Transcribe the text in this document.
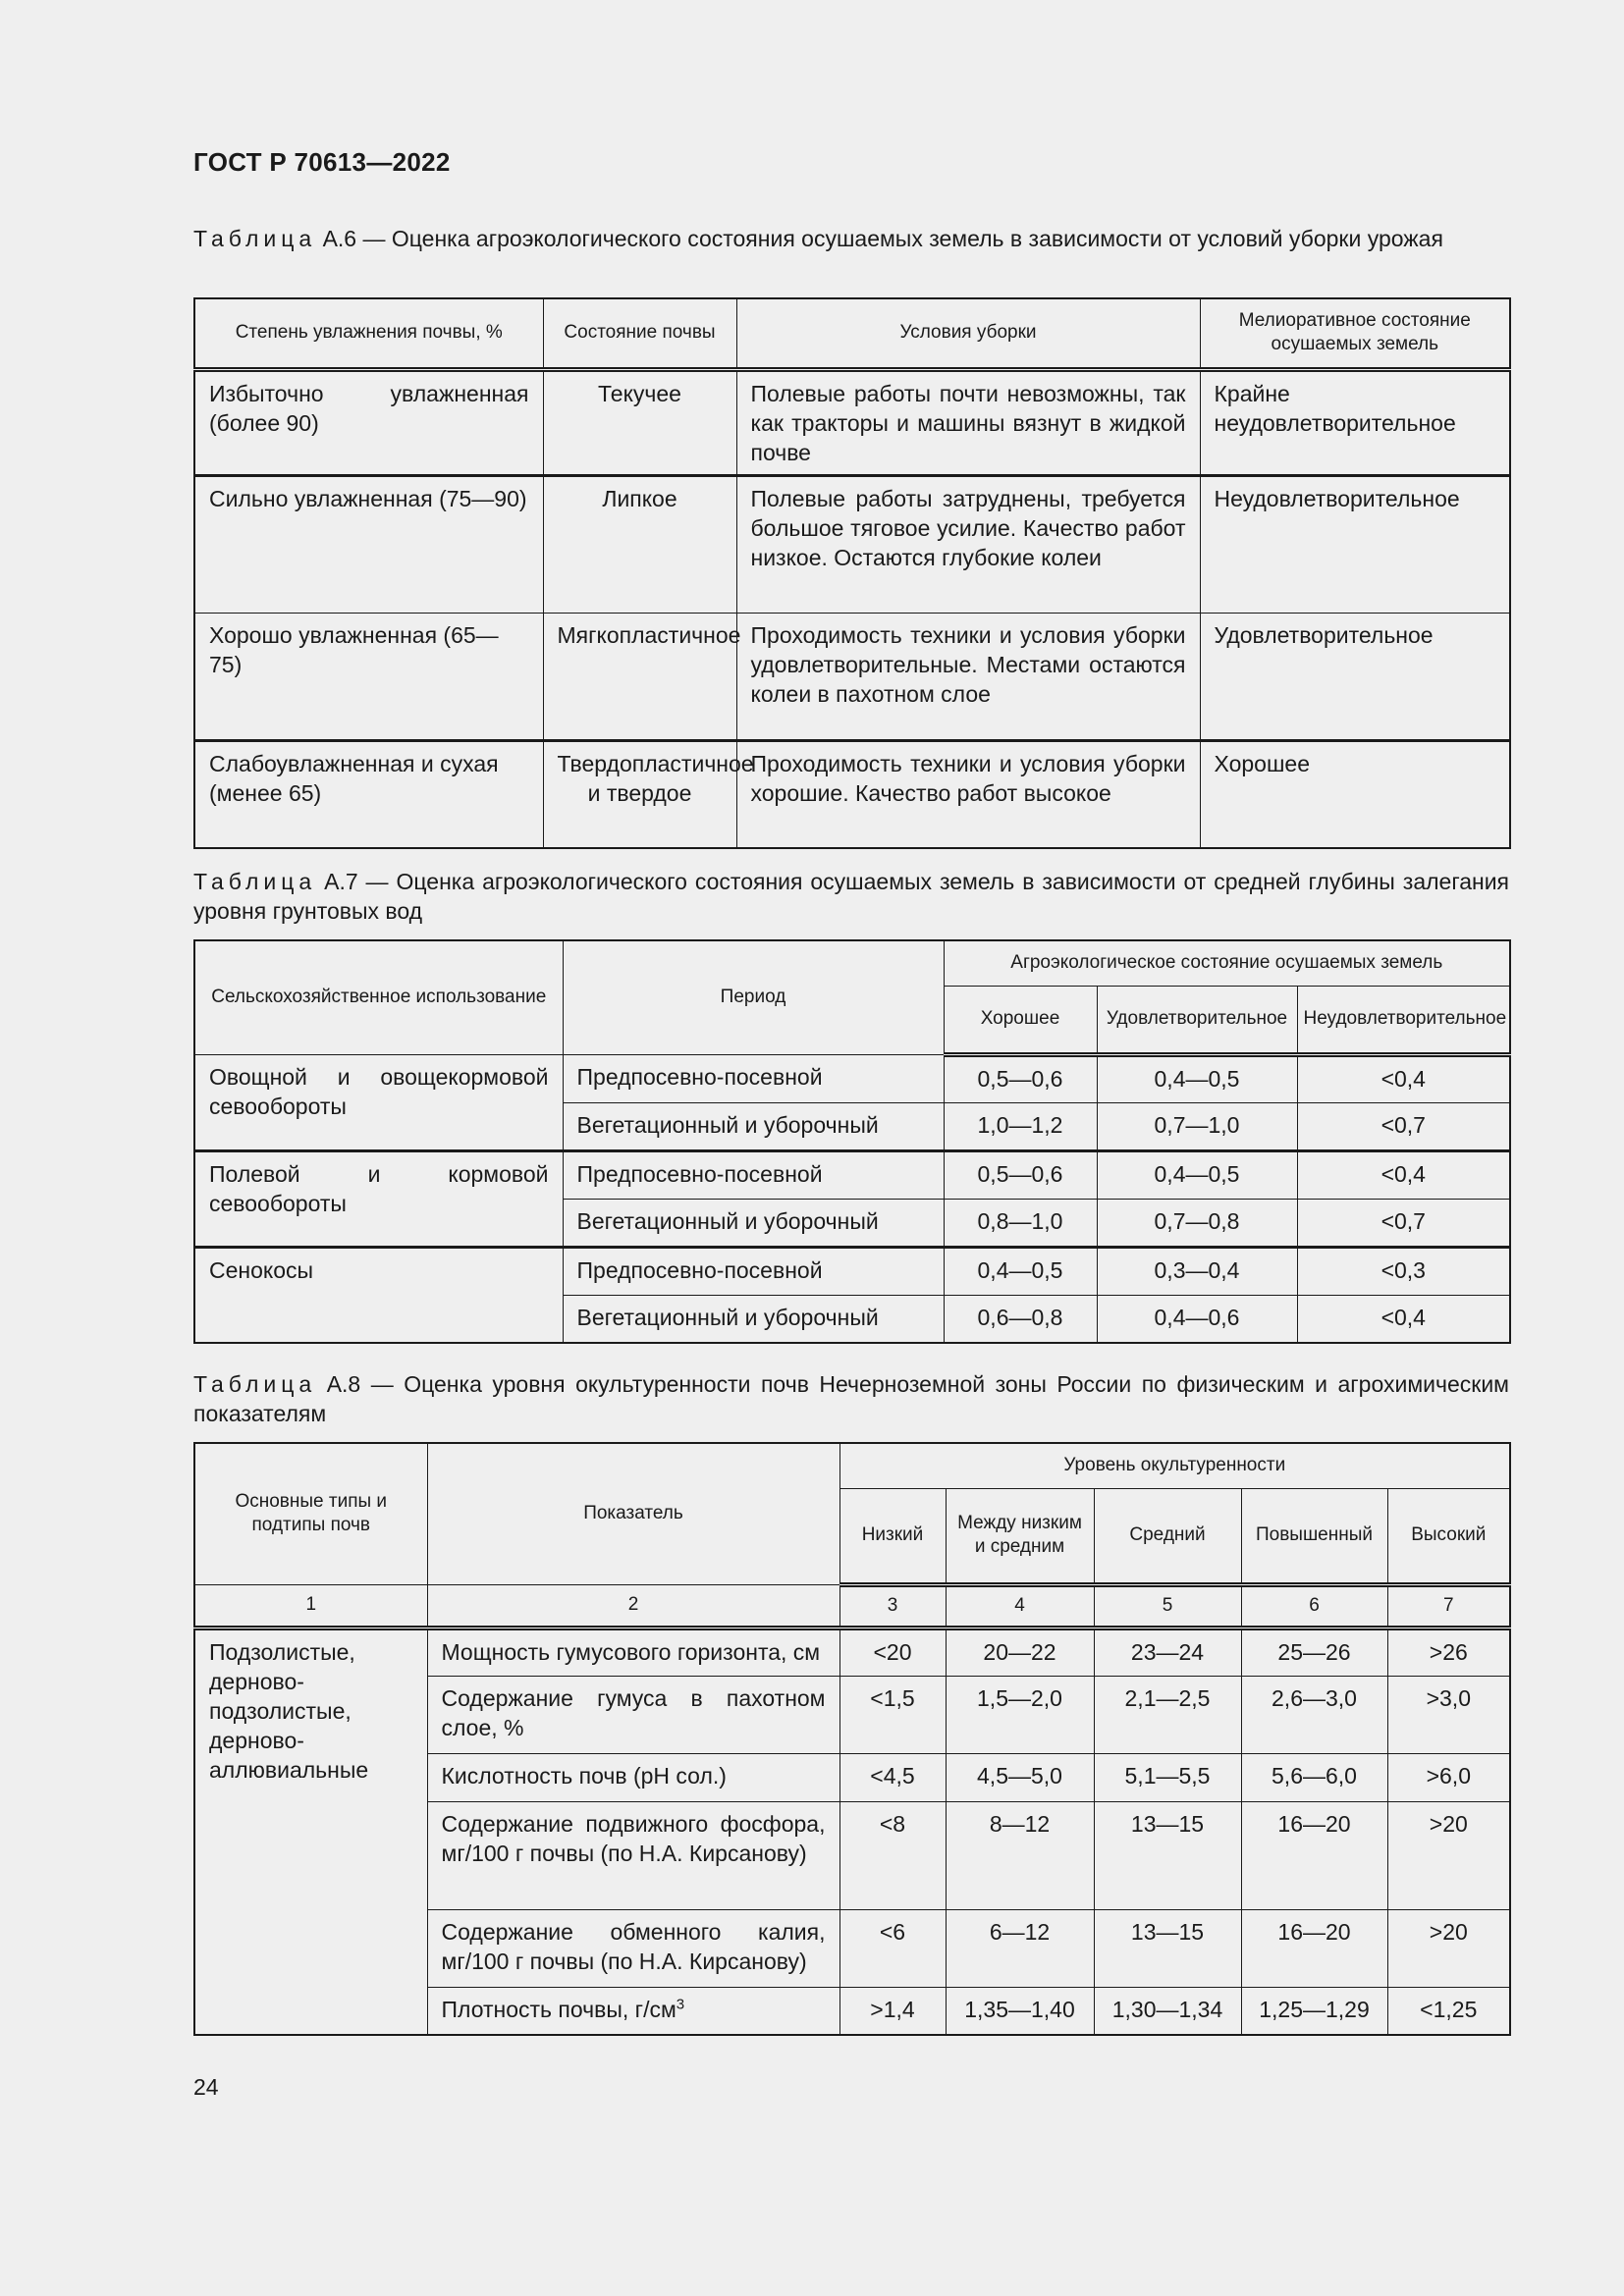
ГОСТ Р 70613—2022
Таблица А.6 — Оценка агроэкологического состояния осушаемых земель в зависимости от условий уборки урожая
Степень увлажнения почвы, %	Состояние почвы	Условия уборки	Мелиоративное состояние осушаемых земель
Избыточно увлажненная (более 90)	Текучее	Полевые работы почти невозможны, так как тракторы и машины вязнут в жидкой почве	Крайне неудовлетворительное
Сильно увлажненная (75—90)	Липкое	Полевые работы затруднены, требуется большое тяговое усилие. Качество работ низкое. Остаются глубокие колеи	Неудовлетворительное
Хорошо увлажненная (65—75)	Мягкопластичное	Проходимость техники и условия уборки удовлетворительные. Местами остаются колеи в пахотном слое	Удовлетворительное
Слабоувлажненная и сухая (менее 65)	Твердопластичное и твердое	Проходимость техники и условия уборки хорошие. Качество работ высокое	Хорошее
Таблица А.7 — Оценка агроэкологического состояния осушаемых земель в зависимости от средней глубины залегания уровня грунтовых вод
Сельскохозяйственное использование	Период	Агроэкологическое состояние осушаемых земель		
		Хорошее	Удовлетворительное	Неудовлетворительное
Овощной и овощекормовой севообороты	Предпосевно-посевной	0,5—0,6	0,4—0,5	<0,4
	Вегетационный и уборочный	1,0—1,2	0,7—1,0	<0,7
Полевой и кормовой севообороты	Предпосевно-посевной	0,5—0,6	0,4—0,5	<0,4
	Вегетационный и уборочный	0,8—1,0	0,7—0,8	<0,7
Сенокосы	Предпосевно-посевной	0,4—0,5	0,3—0,4	<0,3
	Вегетационный и уборочный	0,6—0,8	0,4—0,6	<0,4
Таблица А.8 — Оценка уровня окультуренности почв Нечерноземной зоны России по физическим и агрохимическим показателям
Основные типы и подтипы почв	Показатель	Уровень окультуренности				
		Низкий	Между низким и средним	Средний	Повышенный	Высокий
1	2	3	4	5	6	7
Подзолистые, дерново-подзолистые, дерново-аллювиальные	Мощность гумусового горизонта, см	<20	20—22	23—24	25—26	>26
	Содержание гумуса в пахотном слое, %	<1,5	1,5—2,0	2,1—2,5	2,6—3,0	>3,0
	Кислотность почв (pH сол.)	<4,5	4,5—5,0	5,1—5,5	5,6—6,0	>6,0
	Содержание подвижного фосфора, мг/100 г почвы (по Н.А. Кирсанову)	<8	8—12	13—15	16—20	>20
	Содержание обменного калия, мг/100 г почвы (по Н.А. Кирсанову)	<6	6—12	13—15	16—20	>20
	Плотность почвы, $г/см^3$	>1,4	1,35—1,40	1,30—1,34	1,25—1,29	<1,25
24
